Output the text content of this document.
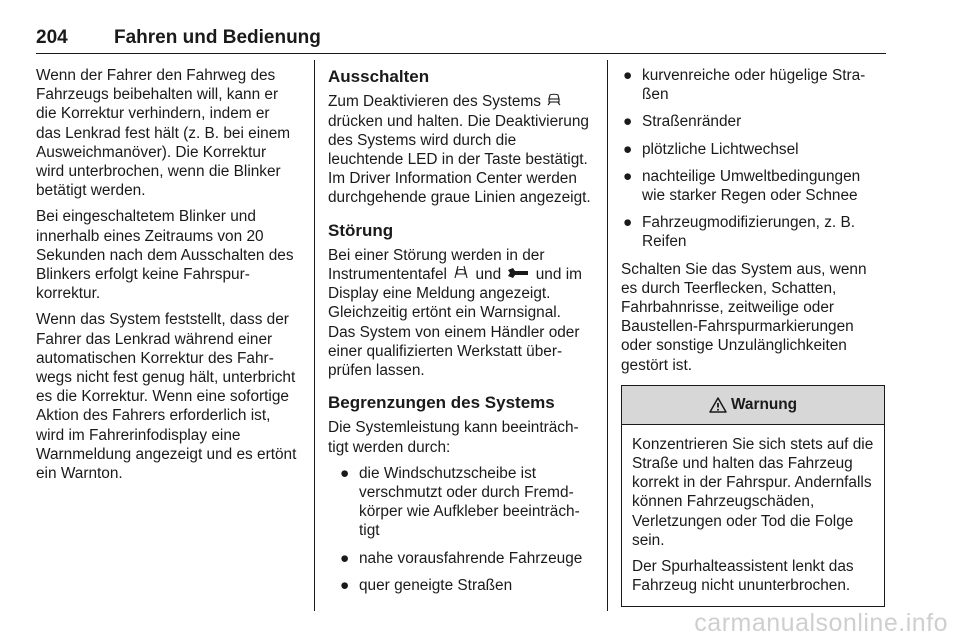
204 Fahren und Bedienung

Wenn der Fahrer den Fahrweg des Fahrzeugs beibehalten will, kann er die Korrektur verhindern, indem er das Lenkrad fest hält (z. B. bei einem Ausweichmanöver). Die Korrektur wird unterbrochen, wenn die Blinker betätigt werden.

Bei eingeschaltetem Blinker und innerhalb eines Zeitraums von 20 Sekunden nach dem Ausschalten des Blinkers erfolgt keine Fahrspurkorrektur.

Wenn das System feststellt, dass der Fahrer das Lenkrad während einer automatischen Korrektur des Fahrwegs nicht fest genug hält, unterbricht es die Korrektur. Wenn eine sofortige Aktion des Fahrers erforderlich ist, wird im Fahrerinfodisplay eine Warnmeldung angezeigt und es ertönt ein Warnton.

Ausschalten

Zum Deaktivieren des Systems  drücken und halten. Die Deaktivierung des Systems wird durch die leuchtende LED in der Taste bestätigt. Im Driver Information Center werden durchgehende graue Linien angezeigt.

Störung

Bei einer Störung werden in der Instrumententafel und und im Display eine Meldung angezeigt. Gleichzeitig ertönt ein Warnsignal. Das System von einem Händler oder einer qualifizierten Werkstatt überprüfen lassen.

Begrenzungen des Systems

Die Systemleistung kann beeinträchtigt werden durch:

● die Windschutzscheibe ist verschmutzt oder durch Fremdkörper wie Aufkleber beeinträchtigt
● nahe vorausfahrende Fahrzeuge
● quer geneigte Straßen
● kurvenreiche oder hügelige Straßen
● Straßenränder
● plötzliche Lichtwechsel
● nachteilige Umweltbedingungen wie starker Regen oder Schnee
● Fahrzeugmodifizierungen, z. B. Reifen

Schalten Sie das System aus, wenn es durch Teerflecken, Schatten, Fahrbahnrisse, zeitweilige oder Baustellen-Fahrspurmarkierungen oder sonstige Unzulänglichkeiten gestört ist.

Warnung

Konzentrieren Sie sich stets auf die Straße und halten das Fahrzeug korrekt in der Fahrspur. Andernfalls können Fahrzeugschäden, Verletzungen oder Tod die Folge sein.

Der Spurhalteassistent lenkt das Fahrzeug nicht ununterbrochen.

carmanualsonline.info
